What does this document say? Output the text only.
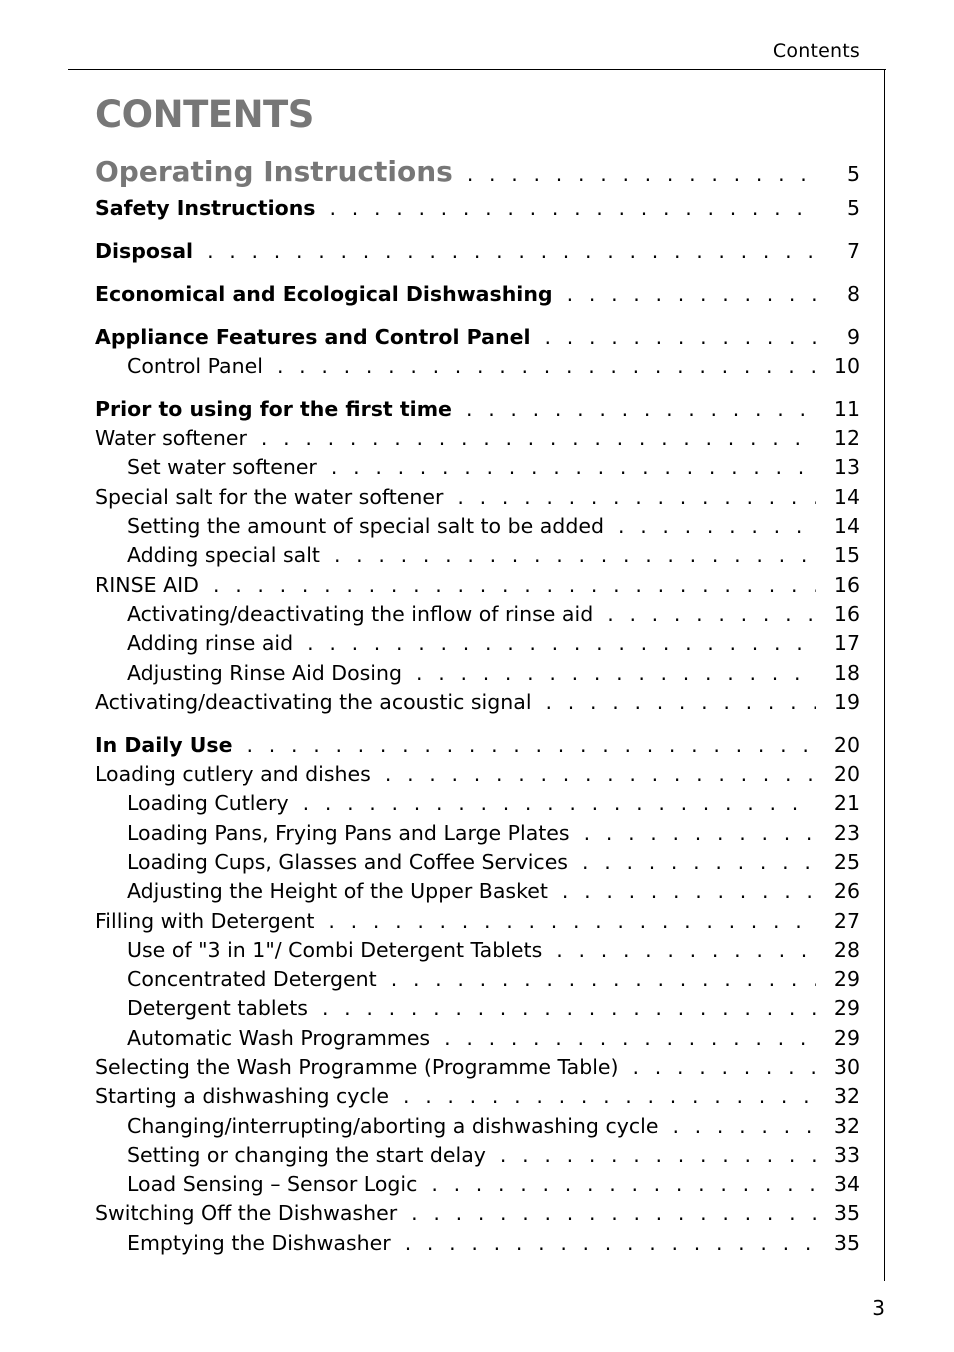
Contents
CONTENTS
Operating Instructions . . .	5
Safety Instructions . . .	5
Disposal . . .	7
Economical and Ecological Dishwashing . . .	8
Appliance Features and Control Panel . . .	9
Control Panel . . .	10
Prior to using for the first time . . .	11
Water softener . . .	12
Set water softener . . .	13
Special salt for the water softener . . .	14
Setting the amount of special salt to be added . . .	14
Adding special salt . . .	15
RINSE AID . . .	16
Activating/deactivating the inflow of rinse aid . . .	16
Adding rinse aid . . .	17
Adjusting Rinse Aid Dosing . . .	18
Activating/deactivating the acoustic signal . . .	19
In Daily Use . . .	20
Loading cutlery and dishes . . .	20
Loading Cutlery . . .	21
Loading Pans, Frying Pans and Large Plates . . .	23
Loading Cups, Glasses and Coffee Services . . .	25
Adjusting the Height of the Upper Basket . . .	26
Filling with Detergent . . .	27
Use of "3 in 1"/ Combi Detergent Tablets . . .	28
Concentrated Detergent . . .	29
Detergent tablets . . .	29
Automatic Wash Programmes . . .	29
Selecting the Wash Programme (Programme Table) . . .	30
Starting a dishwashing cycle . . .	32
Changing/interrupting/aborting a dishwashing cycle . . .	32
Setting or changing the start delay . . .	33
Load Sensing – Sensor Logic . . .	34
Switching Off the Dishwasher . . .	35
Emptying the Dishwasher . . .	35
3
